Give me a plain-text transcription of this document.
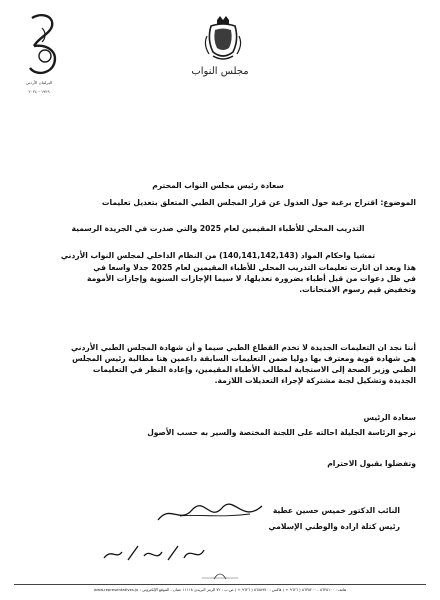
البرلمان الأردني
١٩٢٩ - ٢٠٢٤
مجلس النواب
سعادة رئيس مجلس النواب المحترم
الموضوع: اقتراح برغبة حول العدول عن قرار المجلس الطبي المتعلق بتعديل تعليمات
التدريب المحلي للأطباء المقيمين لعام 2025 والتي صدرت في الجريدة الرسمية
تمشيا واحكام المواد (140,141,142,143) من النظام الداخلي لمجلس النواب الأردني
هذا وبعد ان اثارت تعليمات التدريب المحلي للأطباء المقيمين لعام 2025 جدلا واسعا في
في ظل دعوات من قبل أطباء بضرورة تعديلها، لا سيما الإجازات السنوية وإجازات الأمومة
وتخفيض قيم رسوم الامتحانات.
أننا نجد ان التعليمات الجديدة لا تخدم القطاع الطبي سيما و أن شهادة المجلس الطبي الأردني
هي شهادة قوية ومعترف بها دوليا ضمن التعليمات السابقة داعمين هنا مطالبة رئيس المجلس
الطبي وزير الصحة إلى الاستجابة لمطالب الأطباء المقيمين، وإعادة النظر في التعليمات
الجديدة وتشكيل لجنة مشتركة لإجراء التعديلات اللازمة.
سعادة الرئيس
نرجو الرئاسة الجليلة احالته على اللجنة المختصة والسير به حسب الأصول
وتفضلوا بقبول الاحترام
النائب الدكتور خميس حسين عطية
رئيس كتلة ارادة والوطني الإسلامي
هاتف : ٥٦٣٥١٠٠ - ٥٦٣٥٢٠٠ ( ٩٦٢٦ + ) فاكس : ٥٦٨٥٩٧٠ ( ٩٦٢٦ + ) ص.ب : ٧٢ الرمز البريدي ١١١١٨ عمان - الموقع الإلكتروني : www.representatives.jo
